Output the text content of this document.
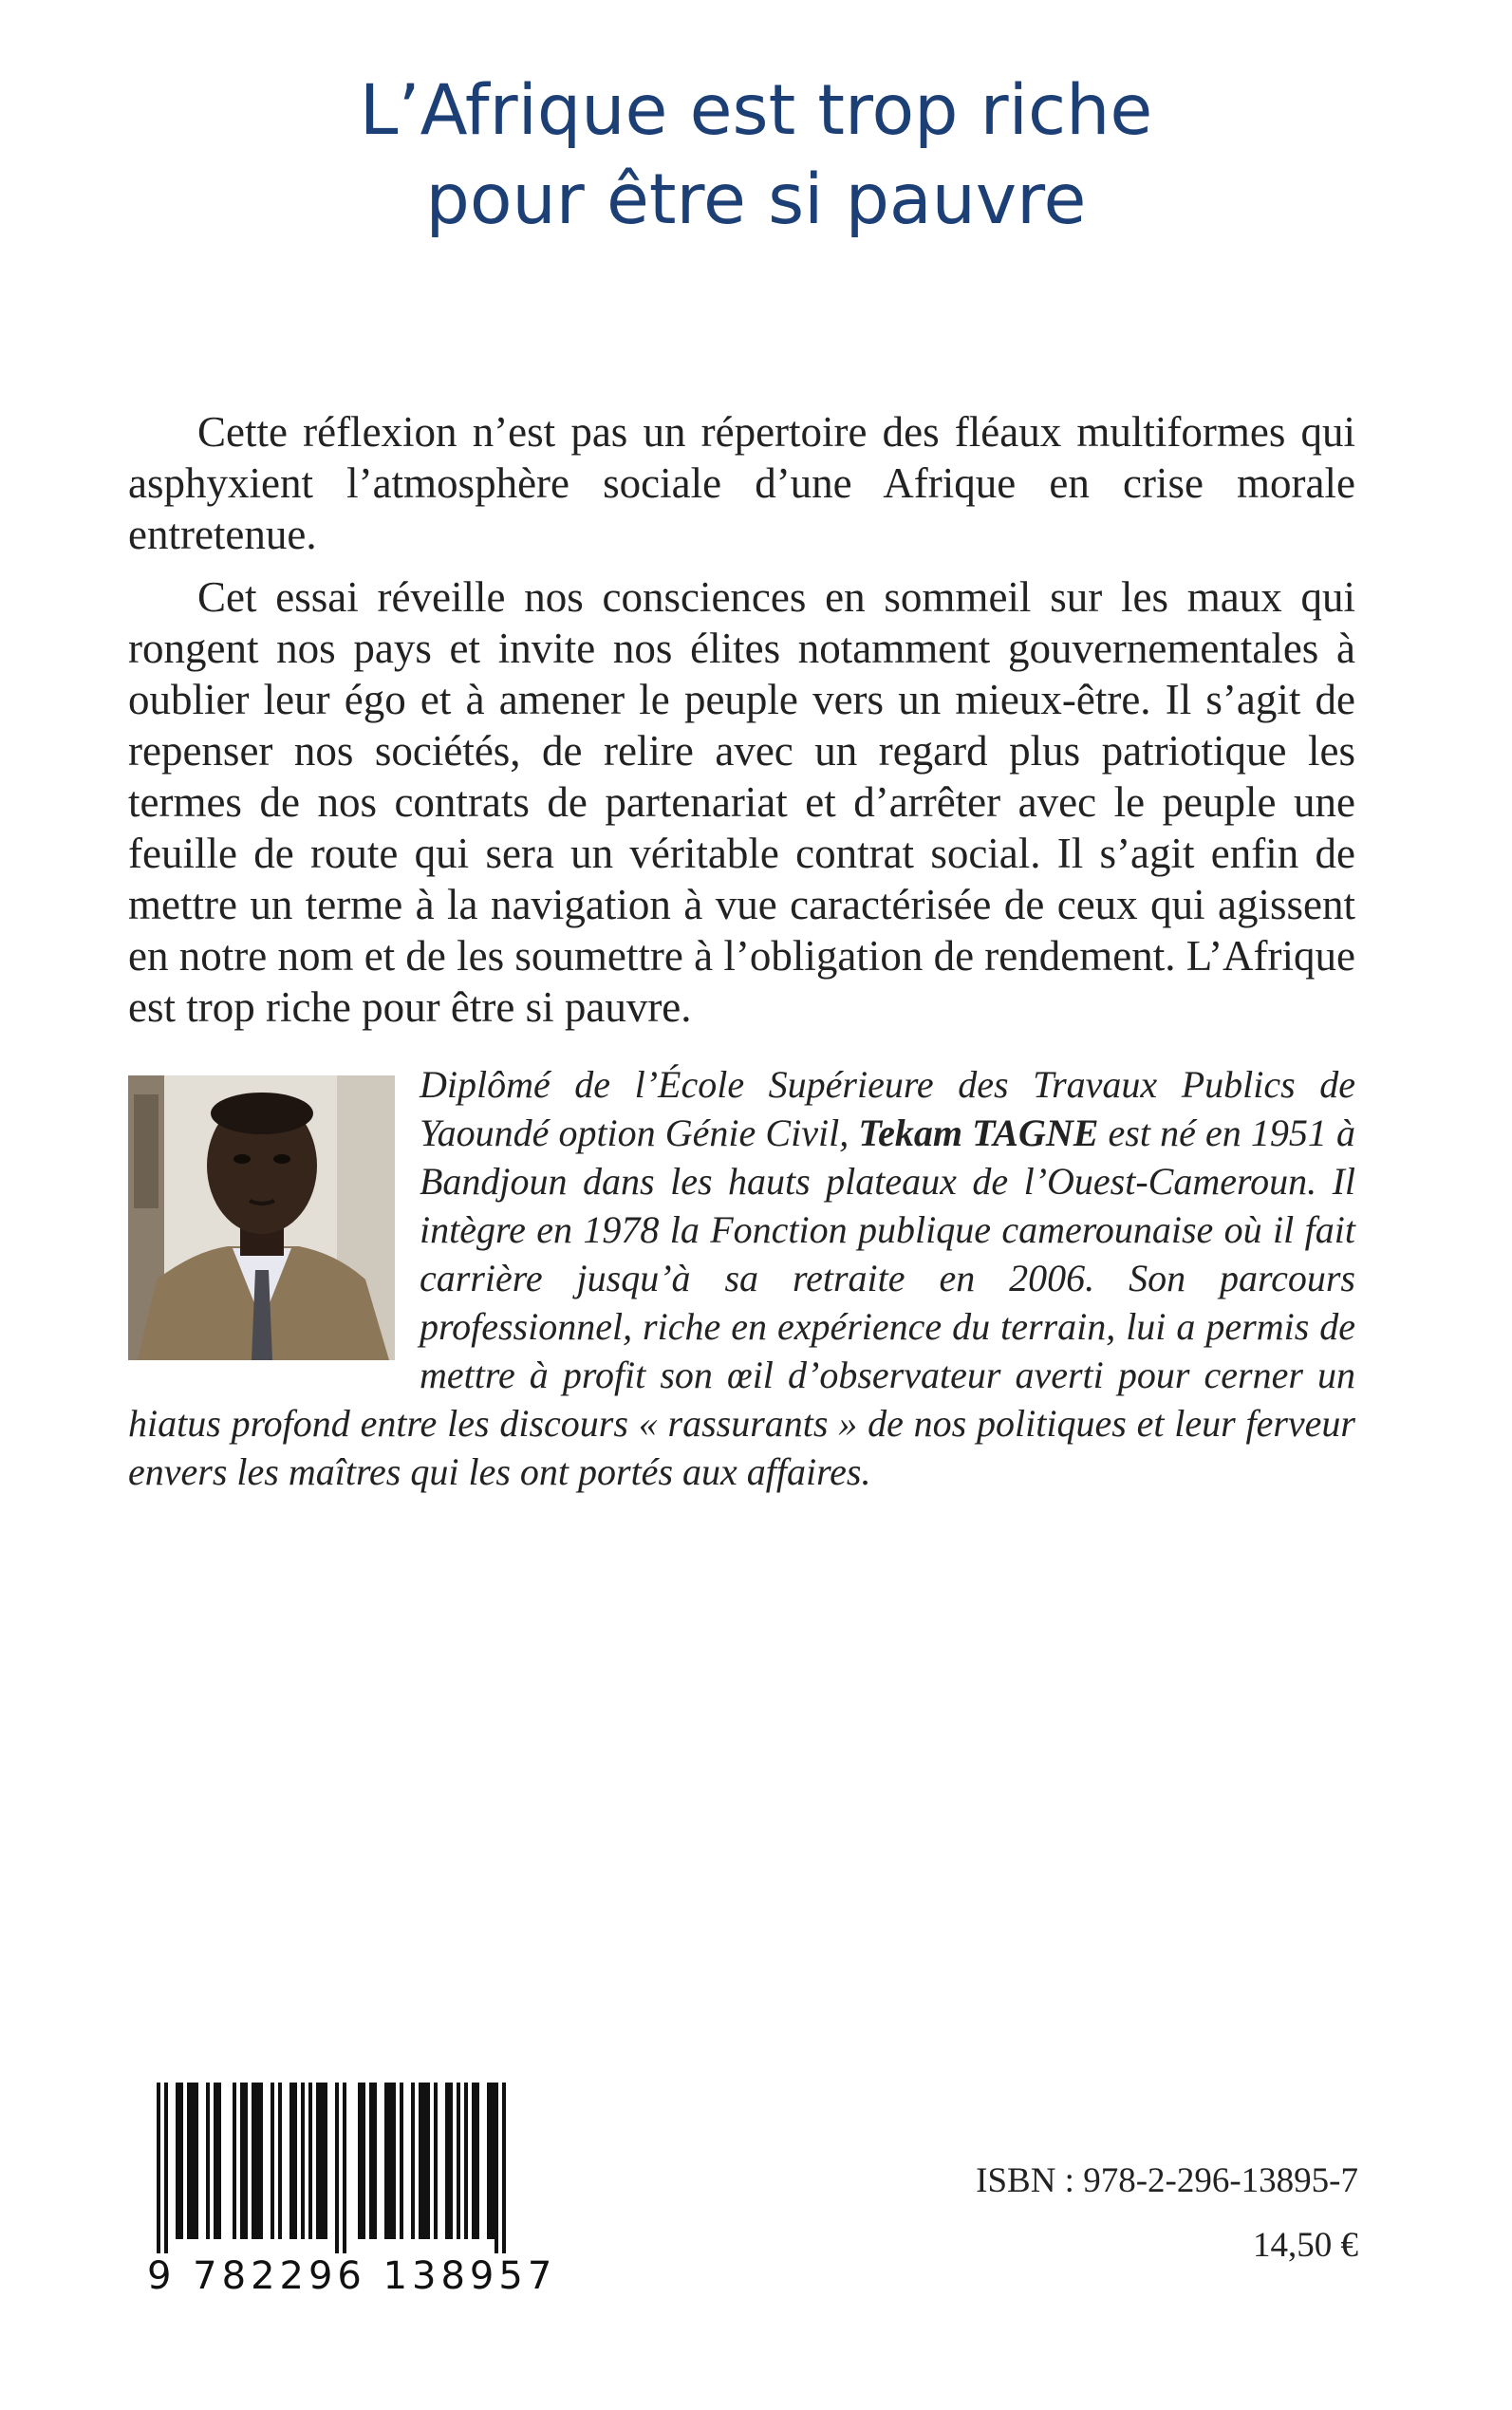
L’Afrique est trop riche
pour être si pauvre

Cette réflexion n’est pas un répertoire des fléaux multiformes qui asphyxient l’atmosphère sociale d’une Afrique en crise morale entretenue.

Cet essai réveille nos consciences en sommeil sur les maux qui rongent nos pays et invite nos élites notamment gouvernementales à oublier leur égo et à amener le peuple vers un mieux-être. Il s’agit de repenser nos sociétés, de relire avec un regard plus patriotique les termes de nos contrats de partenariat et d’arrêter avec le peuple une feuille de route qui sera un véritable contrat social. Il s’agit enfin de mettre un terme à la navigation à vue caractérisée de ceux qui agissent en notre nom et de les soumettre à l’obligation de rendement. L’Afrique est trop riche pour être si pauvre.

Diplômé de l’École Supérieure des Travaux Publics de Yaoundé option Génie Civil, Tekam TAGNE est né en 1951 à Bandjoun dans les hauts plateaux de l’Ouest-Cameroun. Il intègre en 1978 la Fonction publique camerounaise où il fait carrière jusqu’à sa retraite en 2006. Son parcours professionnel, riche en expérience du terrain, lui a permis de mettre à profit son œil d’observateur averti pour cerner un hiatus profond entre les discours « rassurants » de nos politiques et leur ferveur envers les maîtres qui les ont portés aux affaires.

9 782296 138957
ISBN : 978-2-296-13895-7
14,50 €
